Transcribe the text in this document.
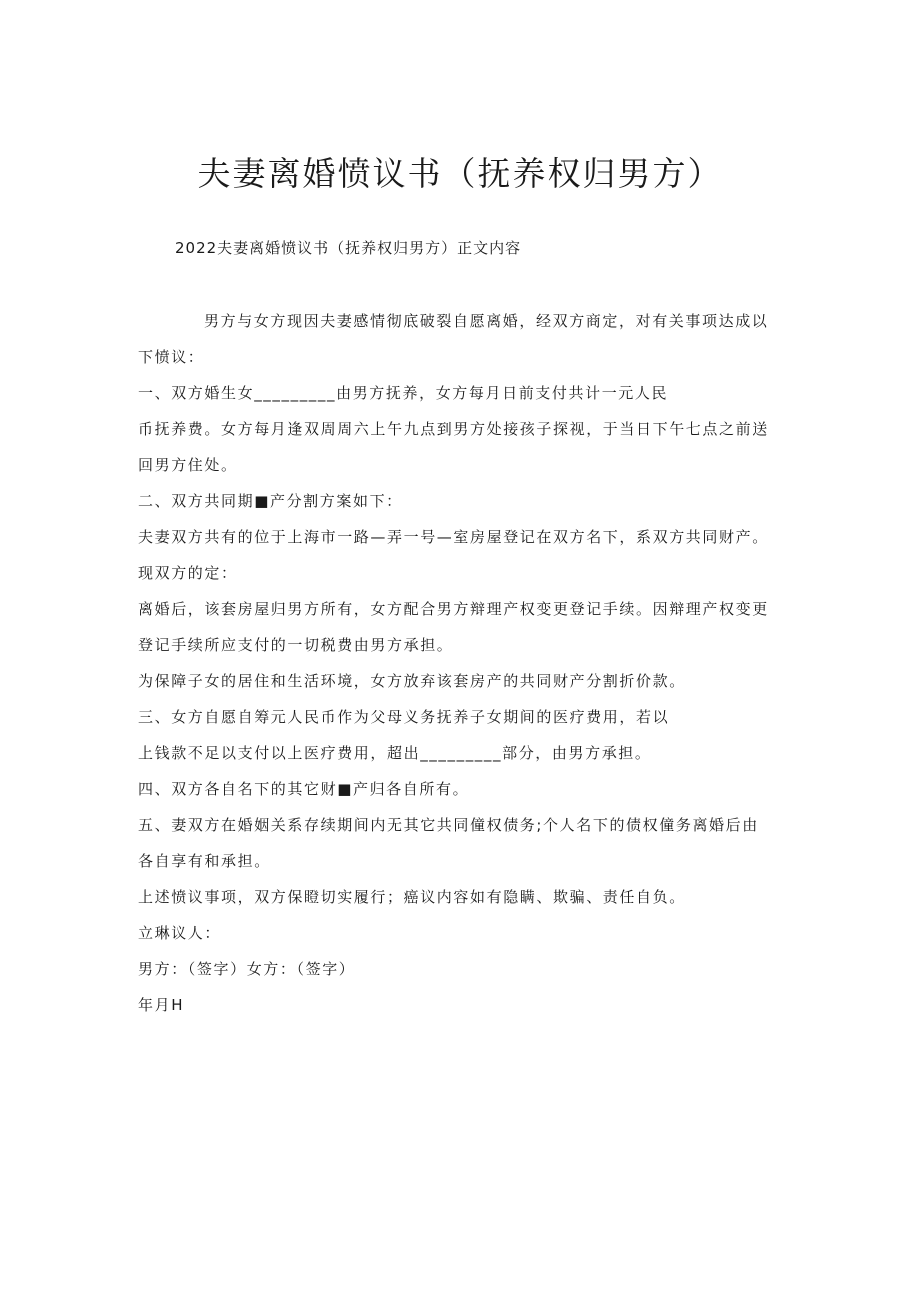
夫妻离婚愤议书（抚养权归男方）
2022夫妻离婚愤议书（抚养权归男方）正文内容
男方与女方现因夫妻感情彻底破裂自愿离婚，经双方商定，对有关事项达成以
下愤议：
一、双方婚生女_________由男方抚养，女方每月日前支付共计一元人民
币抚养费。女方每月逢双周周六上午九点到男方处接孩子探视，于当日下午七点之前送
回男方住处。
二、双方共同期■产分割方案如下：
夫妻双方共有的位于上海市一路—弄一号—室房屋登记在双方名下，系双方共同财产。
现双方的定：
离婚后，该套房屋归男方所有，女方配合男方辩理产权变更登记手续。因辩理产权变更
登记手续所应支付的一切税费由男方承担。
为保障子女的居住和生活环境，女方放弃该套房产的共同财产分割折价款。
三、女方自愿自筹元人民币作为父母义务抚养子女期间的医疗费用，若以
上钱款不足以支付以上医疗费用，超出_________部分，由男方承担。
四、双方各自名下的其它财■产归各自所有。
五、妻双方在婚姻关系存续期间内无其它共同僮权债务;个人名下的债权僮务离婚后由
各自享有和承担。
上述愤议事项，双方保瞪切实履行；癌议内容如有隐瞒、欺骗、责任自负。
立琳议人：
男方：（签字）女方：（签字）
年月H
